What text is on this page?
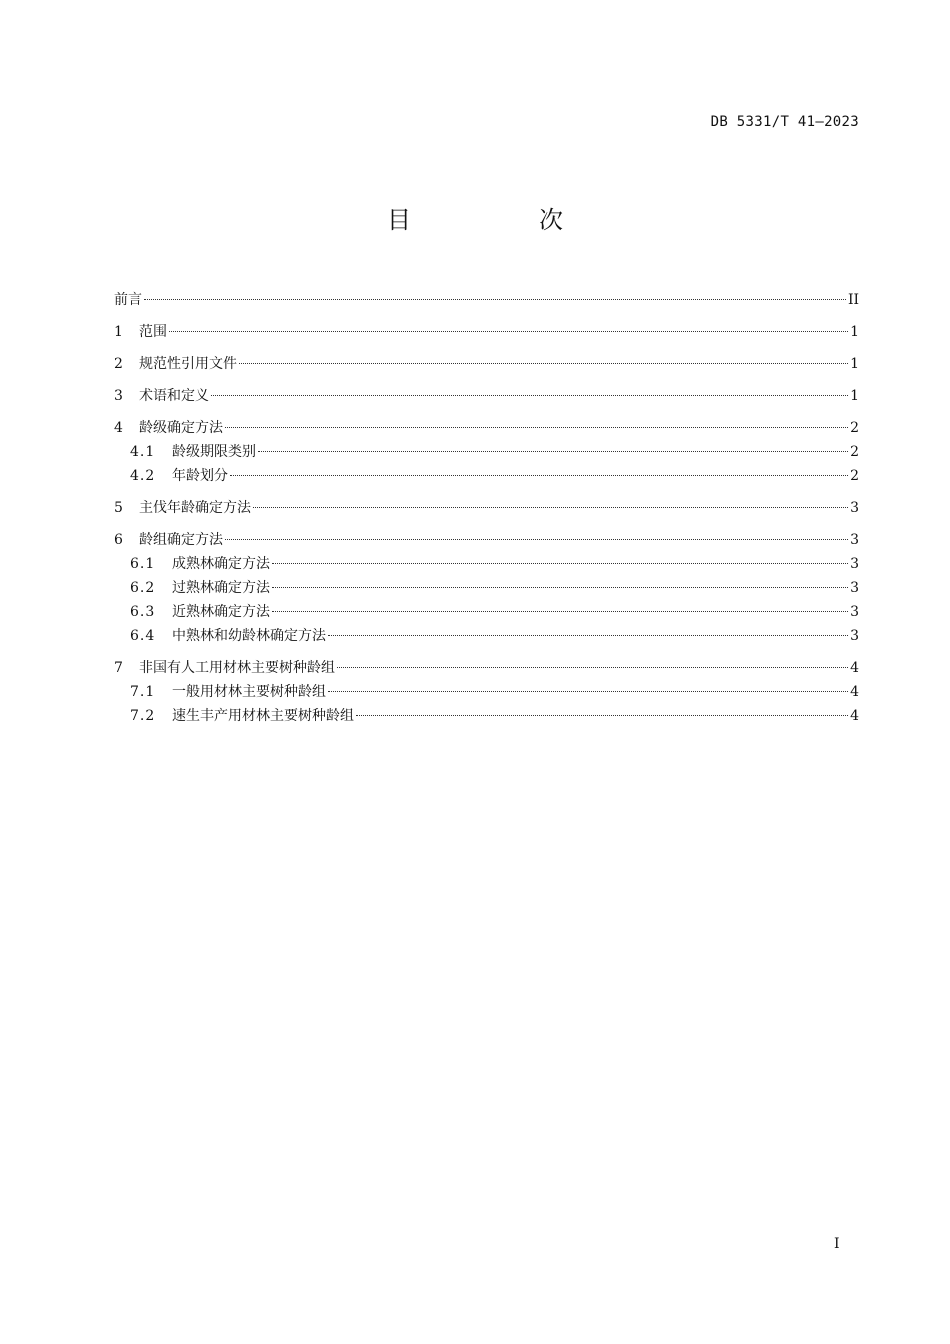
DB 5331/T 41—2023
目　次
前言	II
1	范围	1
2	规范性引用文件	1
3	术语和定义	1
4	龄级确定方法	2
4.1	龄级期限类别	2
4.2	年龄划分	2
5	主伐年龄确定方法	3
6	龄组确定方法	3
6.1	成熟林确定方法	3
6.2	过熟林确定方法	3
6.3	近熟林确定方法	3
6.4	中熟林和幼龄林确定方法	3
7	非国有人工用材林主要树种龄组	4
7.1	一般用材林主要树种龄组	4
7.2	速生丰产用材林主要树种龄组	4
I
